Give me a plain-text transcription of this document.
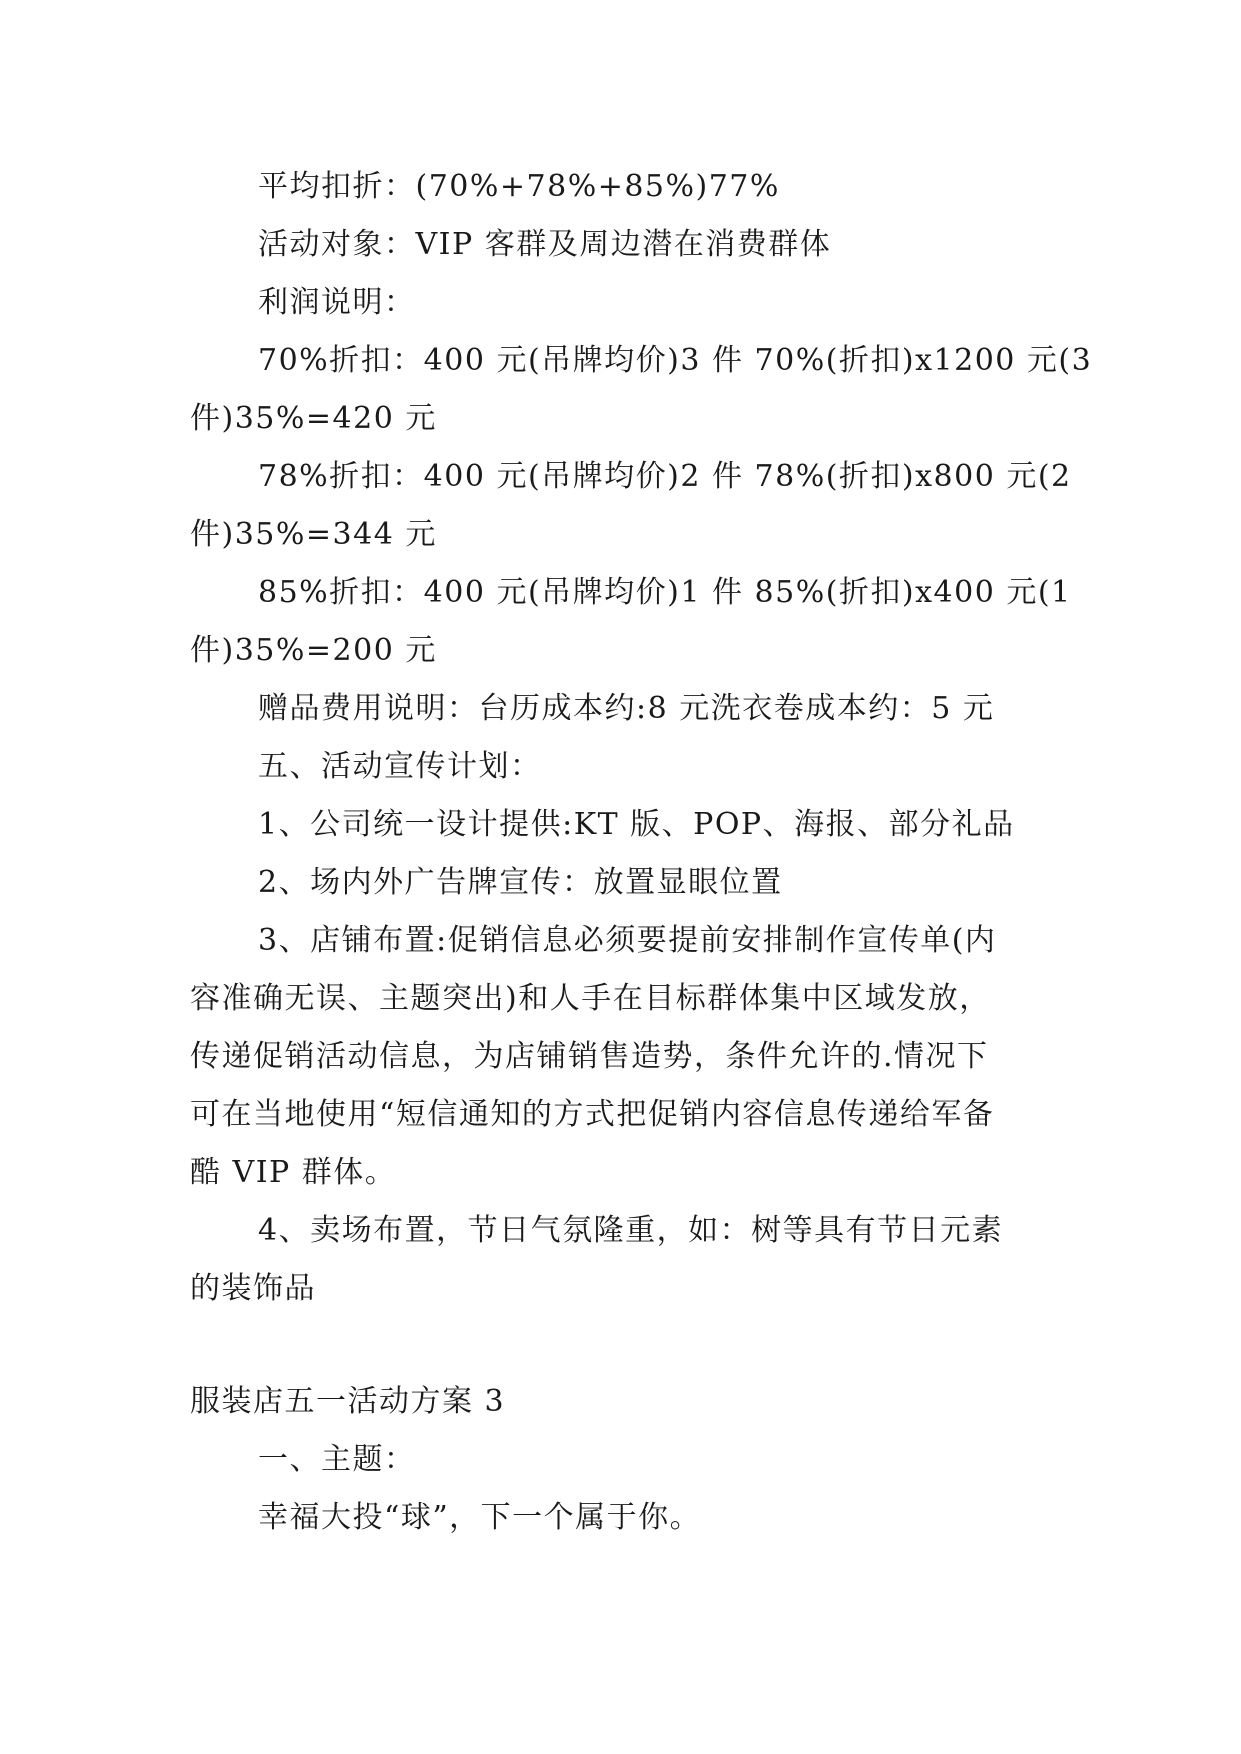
平均扣折：(70%+78%+85%)77%
活动对象：VIP 客群及周边潜在消费群体
利润说明：
70%折扣：400 元(吊牌均价)3 件 70%(折扣)x1200 元(3
件)35%=420 元
78%折扣：400 元(吊牌均价)2 件 78%(折扣)x800 元(2
件)35%=344 元
85%折扣：400 元(吊牌均价)1 件 85%(折扣)x400 元(1
件)35%=200 元
赠品费用说明：台历成本约:8 元洗衣卷成本约：5 元
五、活动宣传计划：
1、公司统一设计提供:KT 版、POP、海报、部分礼品
2、场内外广告牌宣传：放置显眼位置
3、店铺布置:促销信息必须要提前安排制作宣传单(内
容准确无误、主题突出)和人手在目标群体集中区域发放，
传递促销活动信息，为店铺销售造势，条件允许的.情况下
可在当地使用“短信通知的方式把促销内容信息传递给军备
酷 VIP 群体。
4、卖场布置，节日气氛隆重，如：树等具有节日元素
的装饰品
服装店五一活动方案 3
一、主题：
幸福大投“球”，下一个属于你。
